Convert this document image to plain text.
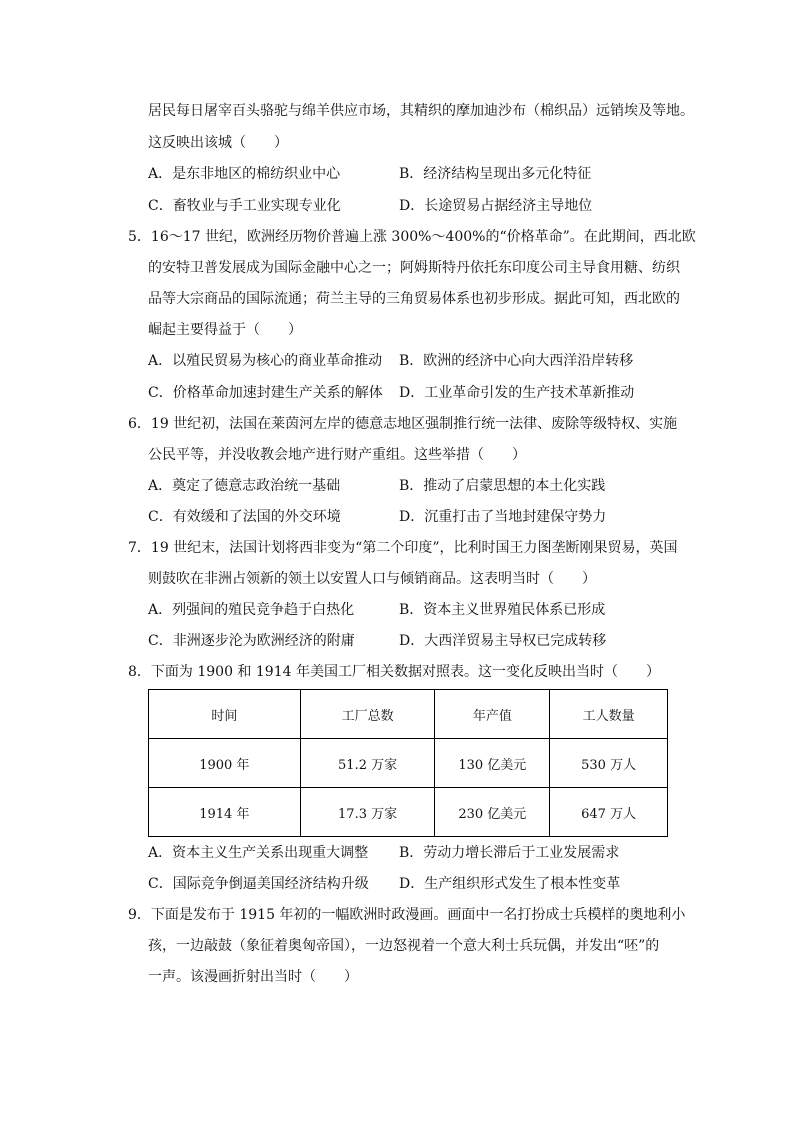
居民每日屠宰百头骆驼与绵羊供应市场，其精织的摩加迪沙布（棉织品）远销埃及等地。
这反映出该城（　　）
A．是东非地区的棉纺织业中心	B．经济结构呈现出多元化特征
C．畜牧业与手工业实现专业化	D．长途贸易占据经济主导地位
5．16～17 世纪，欧洲经历物价普遍上涨 300%～400%的“价格革命”。在此期间，西北欧
的安特卫普发展成为国际金融中心之一；阿姆斯特丹依托东印度公司主导食用糖、纺织
品等大宗商品的国际流通；荷兰主导的三角贸易体系也初步形成。据此可知，西北欧的
崛起主要得益于（　　）
A．以殖民贸易为核心的商业革命推动 B．欧洲的经济中心向大西洋沿岸转移
C．价格革命加速封建生产关系的解体 D．工业革命引发的生产技术革新推动
6．19 世纪初，法国在莱茵河左岸的德意志地区强制推行统一法律、废除等级特权、实施
公民平等，并没收教会地产进行财产重组。这些举措（　　）
A．奠定了德意志政治统一基础	B．推动了启蒙思想的本土化实践
C．有效缓和了法国的外交环境	D．沉重打击了当地封建保守势力
7．19 世纪末，法国计划将西非变为“第二个印度”，比利时国王力图垄断刚果贸易，英国
则鼓吹在非洲占领新的领土以安置人口与倾销商品。这表明当时（　　）
A．列强间的殖民竞争趋于白热化	B．资本主义世界殖民体系已形成
C．非洲逐步沦为欧洲经济的附庸	D．大西洋贸易主导权已完成转移
8．下面为 1900 和 1914 年美国工厂相关数据对照表。这一变化反映出当时（　　）
时间	工厂总数	年产值	工人数量
1900 年	51.2 万家	130 亿美元	530 万人
1914 年	17.3 万家	230 亿美元	647 万人
A．资本主义生产关系出现重大调整 B．劳动力增长滞后于工业发展需求
C．国际竞争倒逼美国经济结构升级 D．生产组织形式发生了根本性变革
9．下面是发布于 1915 年初的一幅欧洲时政漫画。画面中一名打扮成士兵模样的奥地利小
孩，一边敲鼓（象征着奥匈帝国），一边怒视着一个意大利士兵玩偶，并发出“呸”的
一声。该漫画折射出当时（　　）
